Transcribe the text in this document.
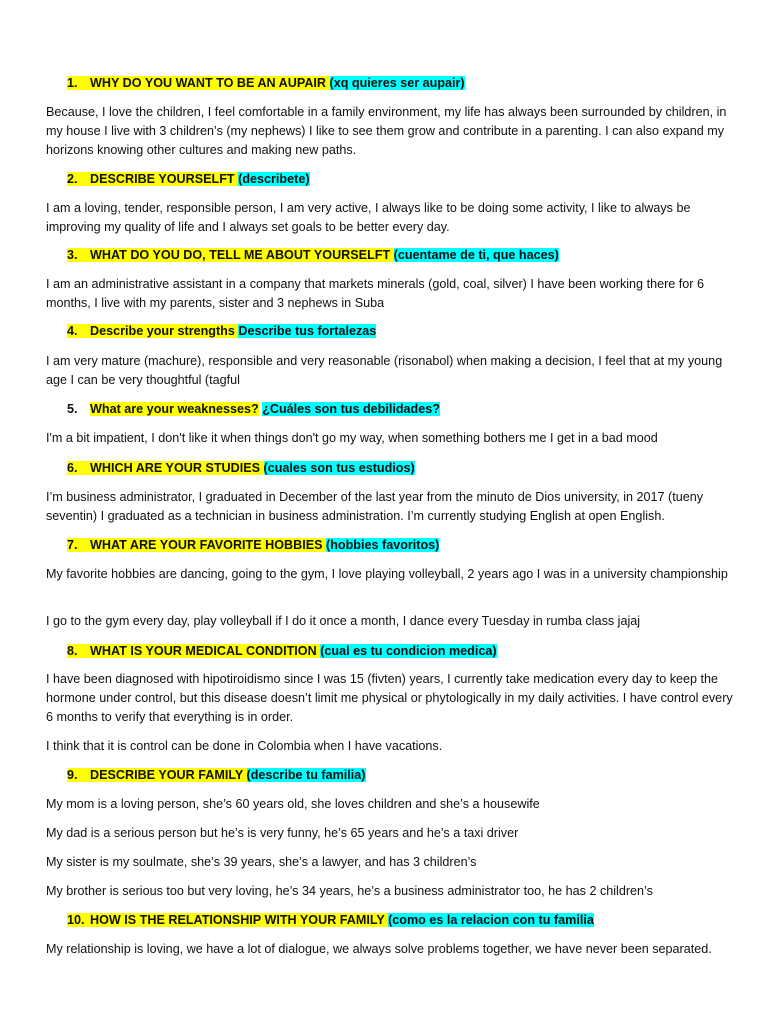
1. WHY DO YOU WANT TO BE AN AUPAIR (xq quieres ser aupair)

Because, I love the children, I feel comfortable in a family environment, my life has always been surrounded by children, in my house I live with 3 children’s (my nephews) I like to see them grow and contribute in a parenting. I can also expand my horizons knowing other cultures and making new paths.

2. DESCRIBE YOURSELFT (describete)

I am a loving, tender, responsible person, I am very active, I always like to be doing some activity, I like to always be improving my quality of life and I always set goals to be better every day.

3. WHAT DO YOU DO, TELL ME ABOUT YOURSELFT (cuentame de ti, que haces)

I am an administrative assistant in a company that markets minerals (gold, coal, silver) I have been working there for 6 months, I live with my parents, sister and 3 nephews in Suba

4. Describe your strengths Describe tus fortalezas

I am very mature (machure), responsible and very reasonable (risonabol) when making a decision, I feel that at my young age I can be very thoughtful (tagful

5. What are your weaknesses? ¿Cuáles son tus debilidades?

I'm a bit impatient, I don't like it when things don't go my way, when something bothers me I get in a bad mood

6. WHICH ARE YOUR STUDIES (cuales son tus estudios)

I’m business administrator, I graduated in December of the last year from the minuto de Dios university, in 2017 (tueny seventin) I graduated as a technician in business administration. I’m currently studying English at open English.

7. WHAT ARE YOUR FAVORITE HOBBIES (hobbies favoritos)

My favorite hobbies are dancing, going to the gym, I love playing volleyball, 2 years ago I was in a university championship

I go to the gym every day, play volleyball if I do it once a month, I dance every Tuesday in rumba class jajaj

8. WHAT IS YOUR MEDICAL CONDITION (cual es tu condicion medica)

I have been diagnosed with hipotiroidismo since I was 15 (fivten) years, I currently take medication every day to keep the hormone under control, but this disease doesn’t limit me physical or phytologically in my daily activities. I have control every 6 months to verify that everything is in order.

I think that it is control can be done in Colombia when I have vacations.

9. DESCRIBE YOUR FAMILY (describe tu familia)

My mom is a loving person, she’s 60 years old, she loves children and she’s a housewife

My dad is a serious person but he’s is very funny, he’s 65 years and he’s a taxi driver

My sister is my soulmate, she’s 39 years, she’s a lawyer, and has 3 children’s

My brother is serious too but very loving, he’s 34 years, he’s a business administrator too, he has 2 children’s

10. HOW IS THE RELATIONSHIP WITH YOUR FAMILY (como es la relacion con tu familia

My relationship is loving, we have a lot of dialogue, we always solve problems together, we have never been separated.
